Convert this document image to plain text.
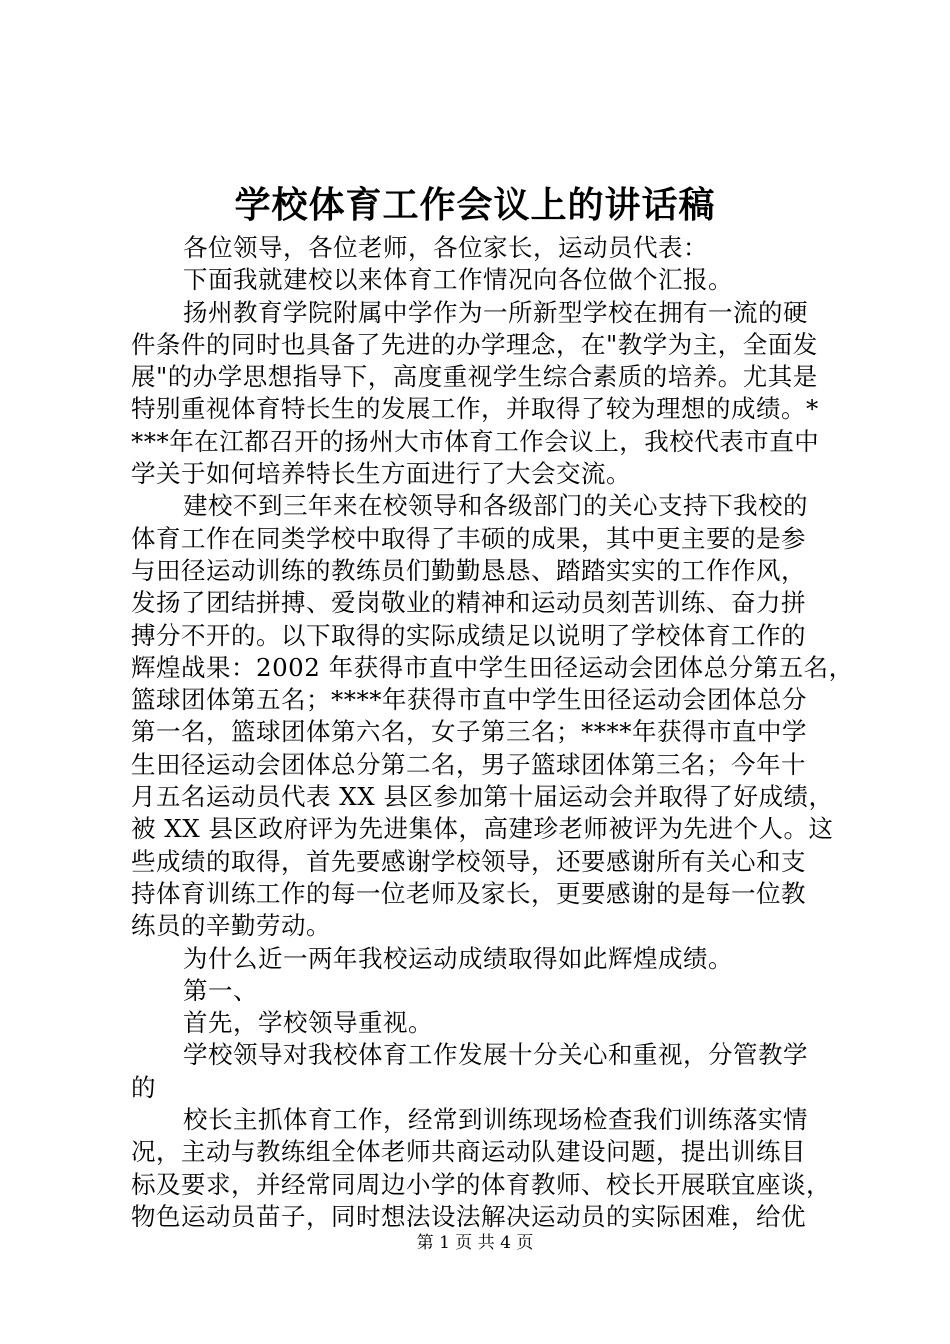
学校体育工作会议上的讲话稿
各位领导，各位老师，各位家长，运动员代表：
下面我就建校以来体育工作情况向各位做个汇报。
扬州教育学院附属中学作为一所新型学校在拥有一流的硬
件条件的同时也具备了先进的办学理念，在"教学为主，全面发
展"的办学思想指导下，高度重视学生综合素质的培养。尤其是
特别重视体育特长生的发展工作，并取得了较为理想的成绩。*
***年在江都召开的扬州大市体育工作会议上，我校代表市直中
学关于如何培养特长生方面进行了大会交流。
建校不到三年来在校领导和各级部门的关心支持下我校的
体育工作在同类学校中取得了丰硕的成果，其中更主要的是参
与田径运动训练的教练员们勤勤恳恳、踏踏实实的工作作风，
发扬了团结拼搏、爱岗敬业的精神和运动员刻苦训练、奋力拼
搏分不开的。以下取得的实际成绩足以说明了学校体育工作的
辉煌战果：2002 年获得市直中学生田径运动会团体总分第五名，
篮球团体第五名；****年获得市直中学生田径运动会团体总分
第一名，篮球团体第六名，女子第三名；****年获得市直中学
生田径运动会团体总分第二名，男子篮球团体第三名；今年十
月五名运动员代表 XX 县区参加第十届运动会并取得了好成绩，
被 XX 县区政府评为先进集体，高建珍老师被评为先进个人。这
些成绩的取得，首先要感谢学校领导，还要感谢所有关心和支
持体育训练工作的每一位老师及家长，更要感谢的是每一位教
练员的辛勤劳动。
为什么近一两年我校运动成绩取得如此辉煌成绩。
第一、
首先，学校领导重视。
学校领导对我校体育工作发展十分关心和重视，分管教学
的
校长主抓体育工作，经常到训练现场检查我们训练落实情
况，主动与教练组全体老师共商运动队建设问题，提出训练目
标及要求，并经常同周边小学的体育教师、校长开展联宜座谈，
物色运动员苗子，同时想法设法解决运动员的实际困难，给优
第 1 页 共 4 页
